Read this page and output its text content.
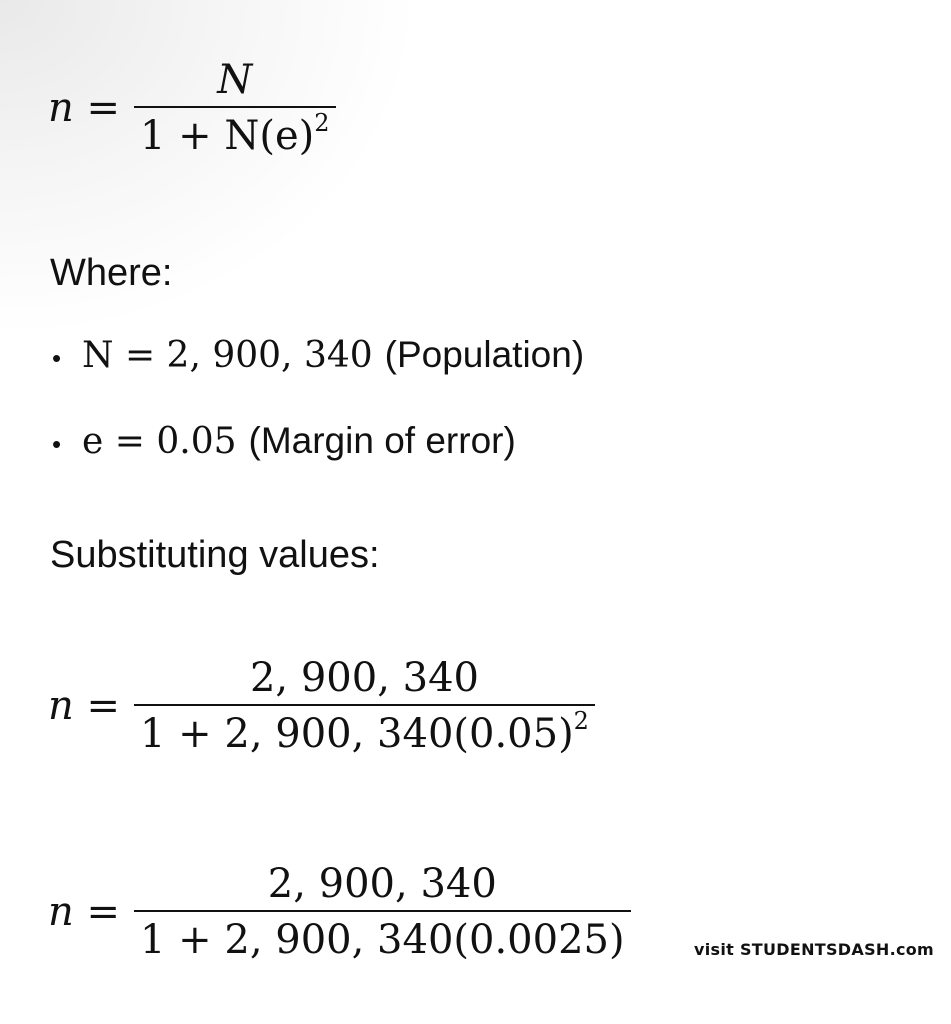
$n = \frac{N}{1 + N(e)^2}$
Where:
• N = 2, 900, 340 (Population)
• e = 0.05 (Margin of error)
Substituting values:
$n = \frac{2, 900, 340}{1 + 2, 900, 340(0.05)^2}$
$n = \frac{2, 900, 340}{1 + 2, 900, 340(0.0025)}$	visit STUDENTSDASH.com
